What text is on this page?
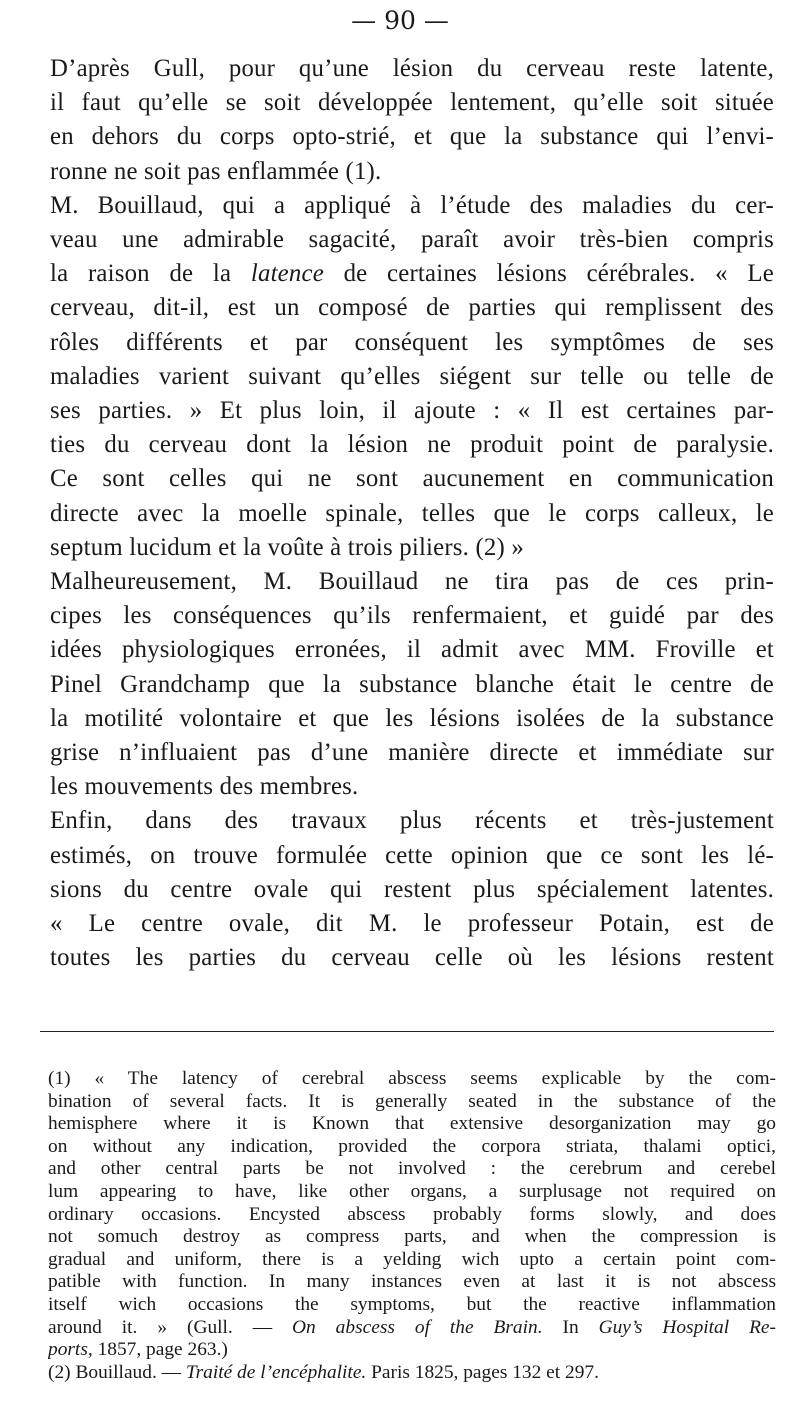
— 90 —
D’après Gull, pour qu’une lésion du cerveau reste latente,
il faut qu’elle se soit développée lentement, qu’elle soit située
en dehors du corps opto-strié, et que la substance qui l’envi-
ronne ne soit pas enflammée (1).
M. Bouillaud, qui a appliqué à l’étude des maladies du cer-
veau une admirable sagacité, paraît avoir très-bien compris
la raison de la latence de certaines lésions cérébrales. « Le
cerveau, dit-il, est un composé de parties qui remplissent des
rôles différents et par conséquent les symptômes de ses
maladies varient suivant qu’elles siégent sur telle ou telle de
ses parties. » Et plus loin, il ajoute : « Il est certaines par-
ties du cerveau dont la lésion ne produit point de paralysie.
Ce sont celles qui ne sont aucunement en communication
directe avec la moelle spinale, telles que le corps calleux, le
septum lucidum et la voûte à trois piliers. (2) »
Malheureusement, M. Bouillaud ne tira pas de ces prin-
cipes les conséquences qu’ils renfermaient, et guidé par des
idées physiologiques erronées, il admit avec MM. Froville et
Pinel Grandchamp que la substance blanche était le centre de
la motilité volontaire et que les lésions isolées de la substance
grise n’influaient pas d’une manière directe et immédiate sur
les mouvements des membres.
Enfin, dans des travaux plus récents et très-justement
estimés, on trouve formulée cette opinion que ce sont les lé-
sions du centre ovale qui restent plus spécialement latentes.
« Le centre ovale, dit M. le professeur Potain, est de
toutes les parties du cerveau celle où les lésions restent
(1) « The latency of cerebral abscess seems explicable by the com-
bination of several facts. It is generally seated in the substance of the
hemisphere where it is Known that extensive desorganization may go
on without any indication, provided the corpora striata, thalami optici,
and other central parts be not involved : the cerebrum and cerebel
lum appearing to have, like other organs, a surplusage not required on
ordinary occasions. Encysted abscess probably forms slowly, and does
not somuch destroy as compress parts, and when the compression is
gradual and uniform, there is a yelding wich upto a certain point com-
patible with function. In many instances even at last it is not abscess
itself wich occasions the symptoms, but the reactive inflammation
around it. » (Gull. — On abscess of the Brain. In Guy’s Hospital Re-
ports, 1857, page 263.)
(2) Bouillaud. — Traité de l’encéphalite. Paris 1825, pages 132 et 297.
